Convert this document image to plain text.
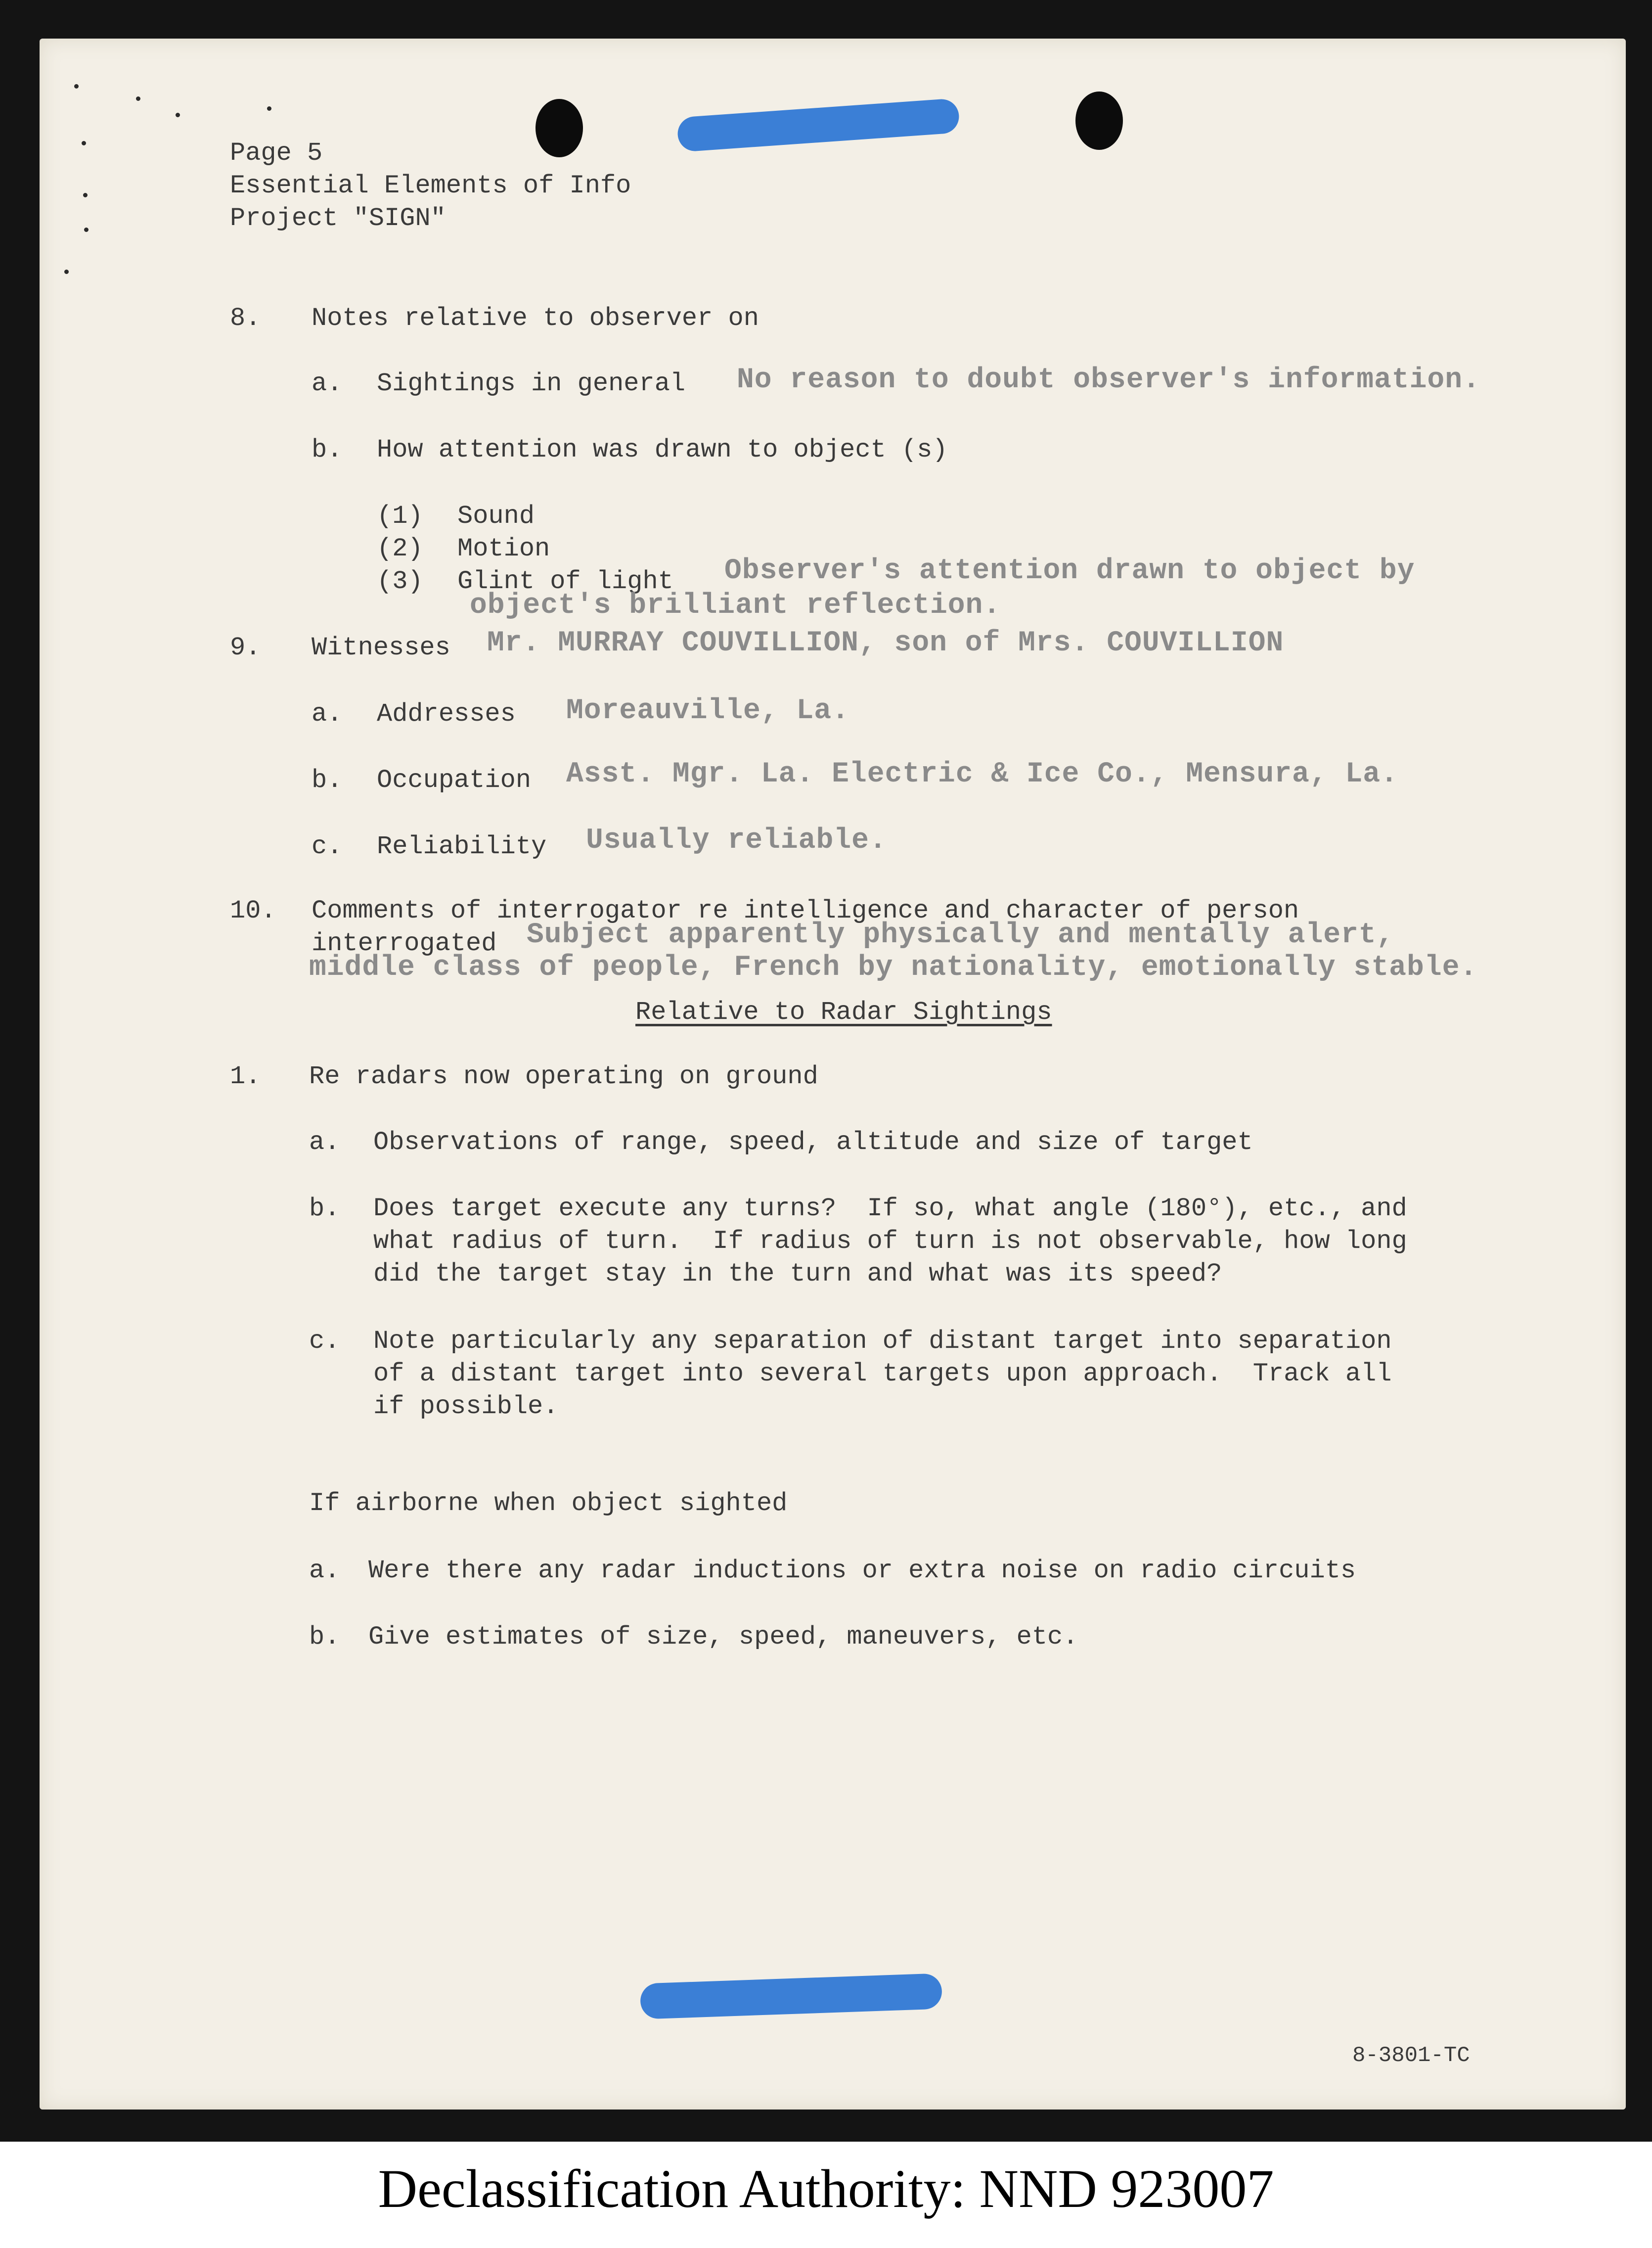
Page 5
Essential Elements of Info
Project "SIGN"
8. Notes relative to observer on
a. Sightings in general No reason to doubt observer's information.
b. How attention was drawn to object (s)
(1) Sound
(2) Motion
(3) Glint of light Observer's attention drawn to object by
object's brilliant reflection.
9. Witnesses Mr. MURRAY COUVILLION, son of Mrs. COUVILLION
a. Addresses Moreauville, La.
b. Occupation Asst. Mgr. La. Electric & Ice Co., Mensura, La.
c. Reliability Usually reliable.
10. Comments of interrogator re intelligence and character of person
interrogated Subject apparently physically and mentally alert,
middle class of people, French by nationality, emotionally stable.
Relative to Radar Sightings
1. Re radars now operating on ground
a. Observations of range, speed, altitude and size of target
b. Does target execute any turns?  If so, what angle (180°), etc., and
what radius of turn.  If radius of turn is not observable, how long
did the target stay in the turn and what was its speed?
c. Note particularly any separation of distant target into separation
of a distant target into several targets upon approach.  Track all
if possible.
If airborne when object sighted
a. Were there any radar inductions or extra noise on radio circuits
b. Give estimates of size, speed, maneuvers, etc.
8-3801-TC
Declassification Authority: NND 923007
